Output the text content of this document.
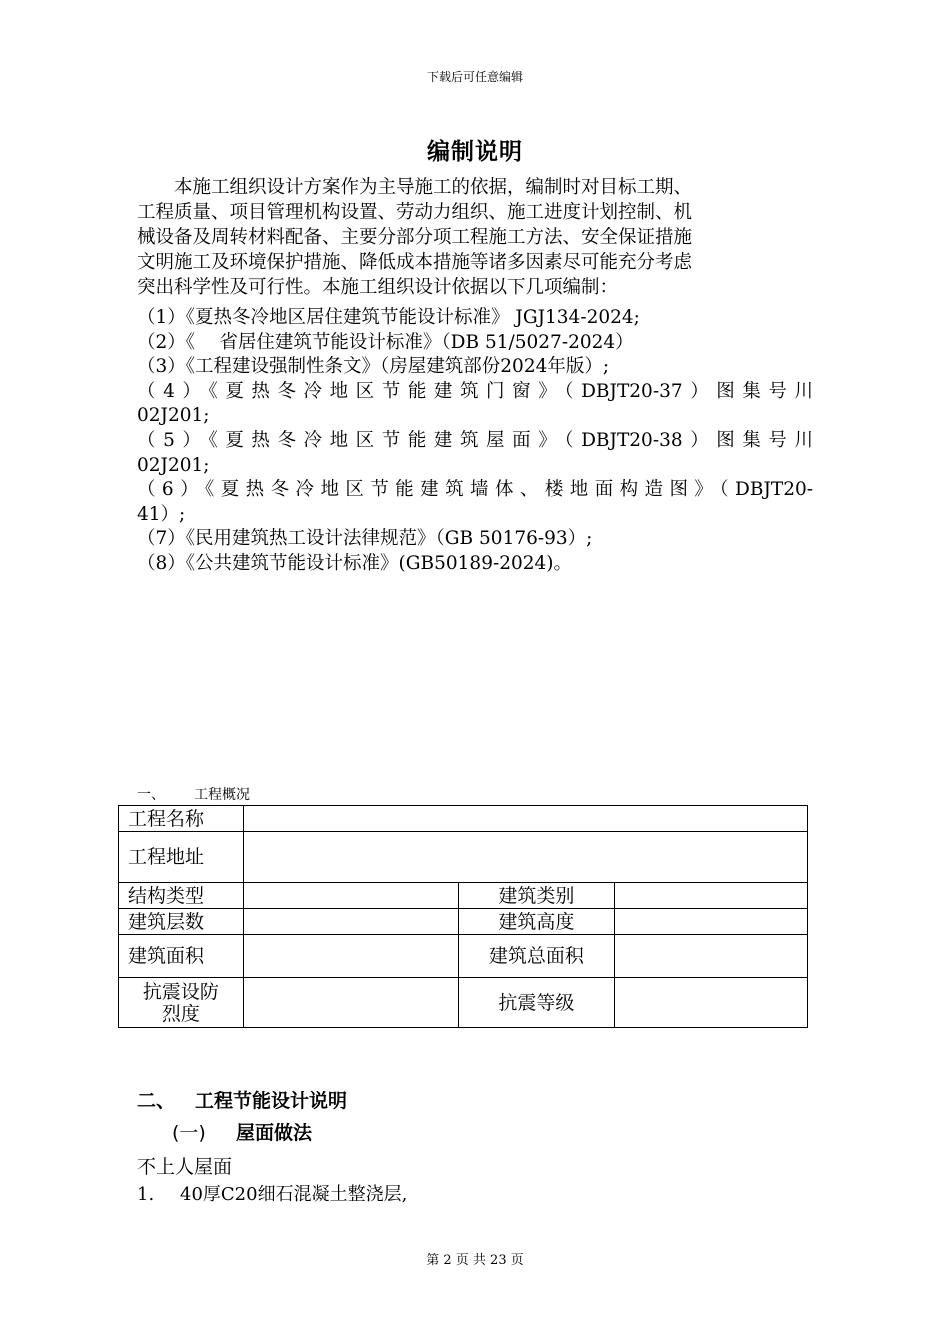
下载后可任意编辑
编制说明
　　本施工组织设计方案作为主导施工的依据，编制时对目标工期、
工程质量、项目管理机构设置、劳动力组织、施工进度计划控制、机
械设备及周转材料配备、主要分部分项工程施工方法、安全保证措施
文明施工及环境保护措施、降低成本措施等诸多因素尽可能充分考虑
突出科学性及可行性。本施工组织设计依据以下几项编制：
（1）《夏热冬冷地区居住建筑节能设计标准》 JGJ134-2024;
（2）《　 省居住建筑节能设计标准》（DB 51/5027-2024）
（3）《工程建设强制性条文》（房屋建筑部份2024年版）;
（4）《夏热冬冷地区节能建筑门窗》（DBJT20-37）图集号川
02J201;
（5）《夏热冬冷地区节能建筑屋面》（DBJT20-38）图集号川
02J201;
（6）《夏热冬冷地区节能建筑墙体、楼地面构造图》（DBJT20-
41）;
（7）《民用建筑热工设计法律规范》（GB 50176-93）;
（8）《公共建筑节能设计标准》(GB50189-2024)。
一、 工程概况
工程名称			
工程地址			
结构类型		建筑类别	
建筑层数		建筑高度	
建筑面积		建筑总面积	

抗震设防
烈度		抗震等级	
二、 工程节能设计说明
(一) 屋面做法
不上人屋面
1. 40厚C20细石混凝土整浇层,
第 2 页 共 23 页
